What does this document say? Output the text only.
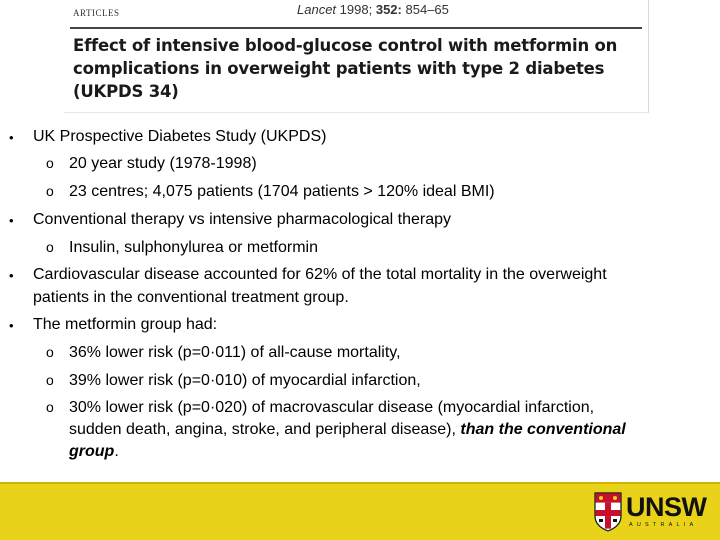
ARTICLES	Lancet 1998; 352: 854–65
Effect of intensive blood-glucose control with metformin on
complications in overweight patients with type 2 diabetes
(UKPDS 34)
• UK Prospective Diabetes Study (UKPDS)
o 20 year study (1978-1998)
o 23 centres; 4,075 patients (1704 patients > 120% ideal BMI)
• Conventional therapy vs intensive pharmacological therapy
o Insulin, sulphonylurea or metformin
• Cardiovascular disease accounted for 62% of the total mortality in the overweight
patients in the conventional treatment group.
• The metformin group had:
o 36% lower risk (p=0·011) of all-cause mortality,
o 39% lower risk (p=0·010) of myocardial infarction,
o 30% lower risk (p=0·020) of macrovascular disease (myocardial infarction,
sudden death, angina, stroke, and peripheral disease), than the conventional
group.
UNSW
AUSTRALIA
